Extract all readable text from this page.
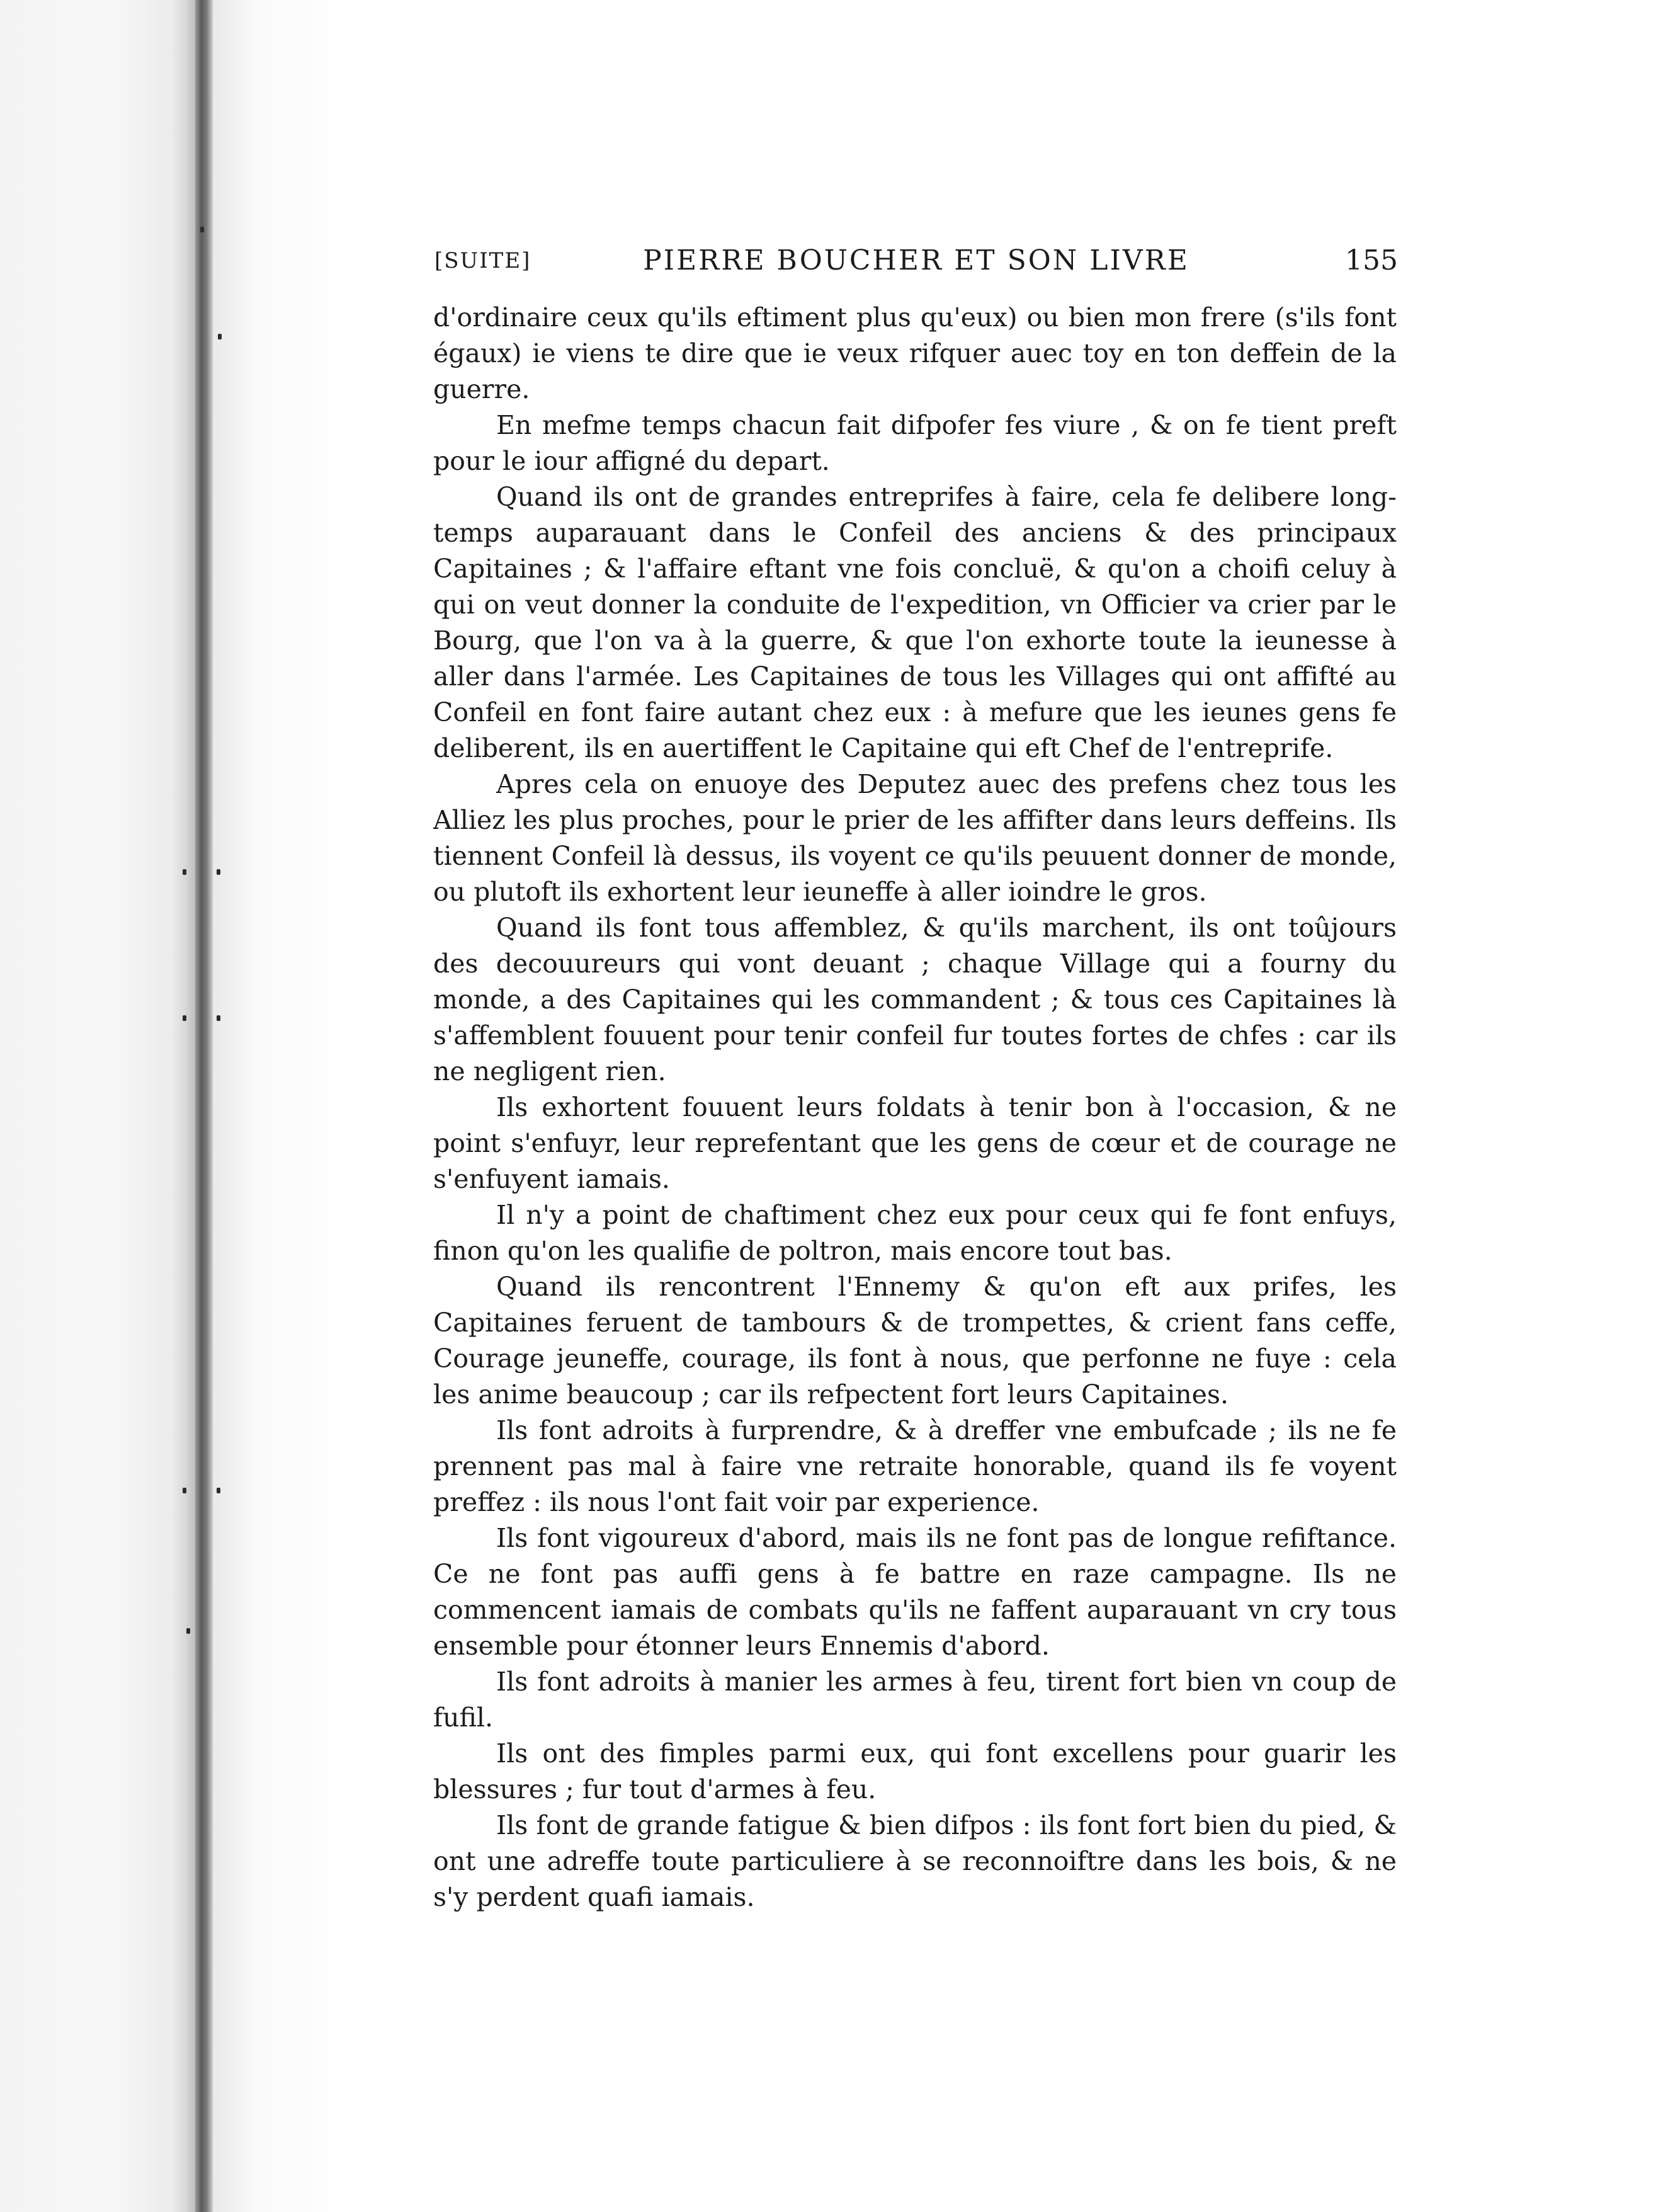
[SUITE]	PIERRE BOUCHER ET SON LIVRE	155

d'ordinaire ceux qu'ils eftiment plus qu'eux) ou bien mon frere (s'ils font égaux) ie viens te dire que ie veux rifquer auec toy en ton deffein de la guerre.

En mefme temps chacun fait difpofer fes viure , & on fe tient preft pour le iour affigné du depart.

Quand ils ont de grandes entreprifes à faire, cela fe delibere long-temps auparauant dans le Confeil des anciens & des principaux Capitaines ; & l'affaire eftant vne fois concluë, & qu'on a choifi celuy à qui on veut donner la conduite de l'expedition, vn Officier va crier par le Bourg, que l'on va à la guerre, & que l'on exhorte toute la ieunesse à aller dans l'armée. Les Capitaines de tous les Villages qui ont affifté au Confeil en font faire autant chez eux : à mefure que les ieunes gens fe deliberent, ils en auertiffent le Capitaine qui eft Chef de l'entreprife.

Apres cela on enuoye des Deputez auec des prefens chez tous les Alliez les plus proches, pour le prier de les affifter dans leurs deffeins. Ils tiennent Confeil là dessus, ils voyent ce qu'ils peuuent donner de monde, ou plutoft ils exhortent leur ieuneffe à aller ioindre le gros.

Quand ils font tous affemblez, & qu'ils marchent, ils ont toûjours des decouureurs qui vont deuant ; chaque Village qui a fourny du monde, a des Capitaines qui les commandent ; & tous ces Capitaines là s'affemblent fouuent pour tenir confeil fur toutes fortes de chfes : car ils ne negligent rien.

Ils exhortent fouuent leurs foldats à tenir bon à l'occasion, & ne point s'enfuyr, leur reprefentant que les gens de cœur et de courage ne s'enfuyent iamais.

Il n'y a point de chaftiment chez eux pour ceux qui fe font enfuys, finon qu'on les qualifie de poltron, mais encore tout bas.

Quand ils rencontrent l'Ennemy & qu'on eft aux prifes, les Capitaines feruent de tambours & de trompettes, & crient fans ceffe, Courage jeuneffe, courage, ils font à nous, que perfonne ne fuye : cela les anime beaucoup ; car ils refpectent fort leurs Capitaines.

Ils font adroits à furprendre, & à dreffer vne embufcade ; ils ne fe prennent pas mal à faire vne retraite honorable, quand ils fe voyent preffez : ils nous l'ont fait voir par experience.

Ils font vigoureux d'abord, mais ils ne font pas de longue refiftance. Ce ne font pas auffi gens à fe battre en raze campagne. Ils ne commencent iamais de combats qu'ils ne faffent auparauant vn cry tous ensemble pour étonner leurs Ennemis d'abord.

Ils font adroits à manier les armes à feu, tirent fort bien vn coup de fufil.

Ils ont des fimples parmi eux, qui font excellens pour guarir les blessures ; fur tout d'armes à feu.

Ils font de grande fatigue & bien difpos : ils font fort bien du pied, & ont une adreffe toute particuliere à se reconnoiftre dans les bois, & ne s'y perdent quafi iamais.
